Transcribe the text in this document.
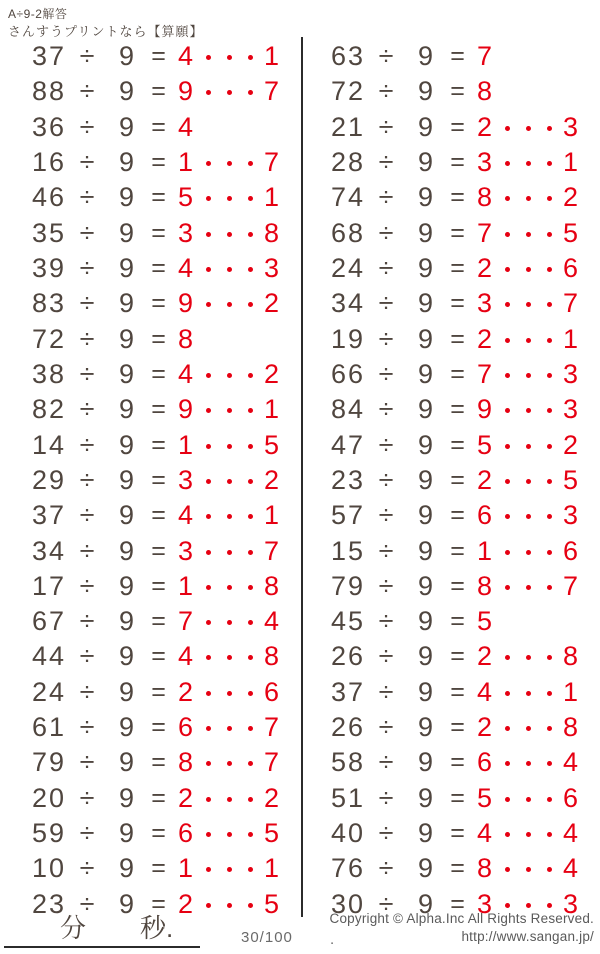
A÷9-2解答
さんすうプリントなら【算願】
37 ÷ 9 = 4	1
88 ÷ 9 = 9	7
36 ÷ 9 = 4
16 ÷ 9 = 1	7
46 ÷ 9 = 5	1
35 ÷ 9 = 3	8
39 ÷ 9 = 4	3
83 ÷ 9 = 9	2
72 ÷ 9 = 8
38 ÷ 9 = 4	2
82 ÷ 9 = 9	1
14 ÷ 9 = 1	5
29 ÷ 9 = 3	2
37 ÷ 9 = 4	1
34 ÷ 9 = 3	7
17 ÷ 9 = 1	8
67 ÷ 9 = 7	4
44 ÷ 9 = 4	8
24 ÷ 9 = 2	6
61 ÷ 9 = 6	7
79 ÷ 9 = 8	7
20 ÷ 9 = 2	2
59 ÷ 9 = 6	5
10 ÷ 9 = 1	1
23 ÷ 9 = 2	5
63 ÷ 9 = 7
72 ÷ 9 = 8
21 ÷ 9 = 2	3
28 ÷ 9 = 3	1
74 ÷ 9 = 8	2
68 ÷ 9 = 7	5
24 ÷ 9 = 2	6
34 ÷ 9 = 3	7
19 ÷ 9 = 2	1
66 ÷ 9 = 7	3
84 ÷ 9 = 9	3
47 ÷ 9 = 5	2
23 ÷ 9 = 2	5
57 ÷ 9 = 6	3
15 ÷ 9 = 1	6
79 ÷ 9 = 8	7
45 ÷ 9 = 5
26 ÷ 9 = 2	8
37 ÷ 9 = 4	1
26 ÷ 9 = 2	8
58 ÷ 9 = 6	4
51 ÷ 9 = 5	6
40 ÷ 9 = 4	4
76 ÷ 9 = 8	4
30 ÷ 9 = 3	3
分 秒.	30/100 .
Copyright © Alpha.Inc All Rights Reserved.
http://www.sangan.jp/
